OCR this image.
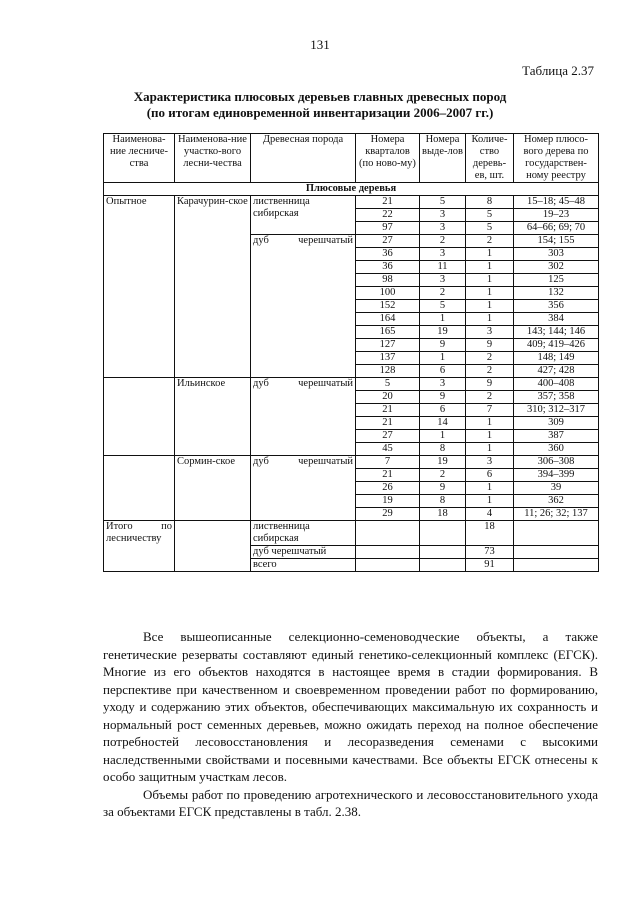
131
Таблица 2.37
Характеристика плюсовых деревьев главных древесных пород
(по итогам единовременной инвентаризации 2006–2007 гг.)
Наименова-ние лесниче-ства	Наименова-ние участко-вого лесни-чества	Древесная порода	Номера кварталов (по ново-му)	Номера выде-лов	Количе-ство деревь-ев, шт.	Номер плюсо-вого дерева по государствен-ному реестру
Плюсовые деревья						
Опытное	Карачурин-ское	лиственница сибирская	21	5	8	15–18; 45–48
			22	3	5	19–23
			97	3	5	64–66; 69; 70
		дуб черешчатый	27	2	2	154; 155
			36	3	1	303
			36	11	1	302
			98	3	1	125
			100	2	1	132
			152	5	1	356
			164	1	1	384
			165	19	3	143; 144; 146
			127	9	9	409; 419–426
			137	1	2	148; 149
			128	6	2	427; 428
	Ильинское	дуб черешчатый	5	3	9	400–408
			20	9	2	357; 358
			21	6	7	310; 312–317
			21	14	1	309
			27	1	1	387
			45	8	1	360
	Сормин-ское	дуб черешчатый	7	19	3	306–308
			21	2	6	394–399
			26	9	1	39
			19	8	1	362
			29	18	4	11; 26; 32; 137
Итого по лесничеству		лиственница сибирская			18	
		дуб черешчатый			73	
		всего			91	

Все вышеописанные селекционно-семеноводческие объекты, а также генетические резерваты составляют единый генетико-селекционный комплекс (ЕГСК). Многие из его объектов находятся в настоящее время в стадии формирования. В перспективе при качественном и своевременном проведении работ по формированию, уходу и содержанию этих объектов, обеспечивающих максимальную их сохранность и нормальный рост семенных деревьев, можно ожидать переход на полное обеспечение потребностей лесовосстановления и лесоразведения семенами с высокими наследственными свойствами и посевными качествами. Все объекты ЕГСК отнесены к особо защитным участкам лесов.

Объемы работ по проведению агротехнического и лесовосстановительного ухода за объектами ЕГСК представлены в табл. 2.38.
